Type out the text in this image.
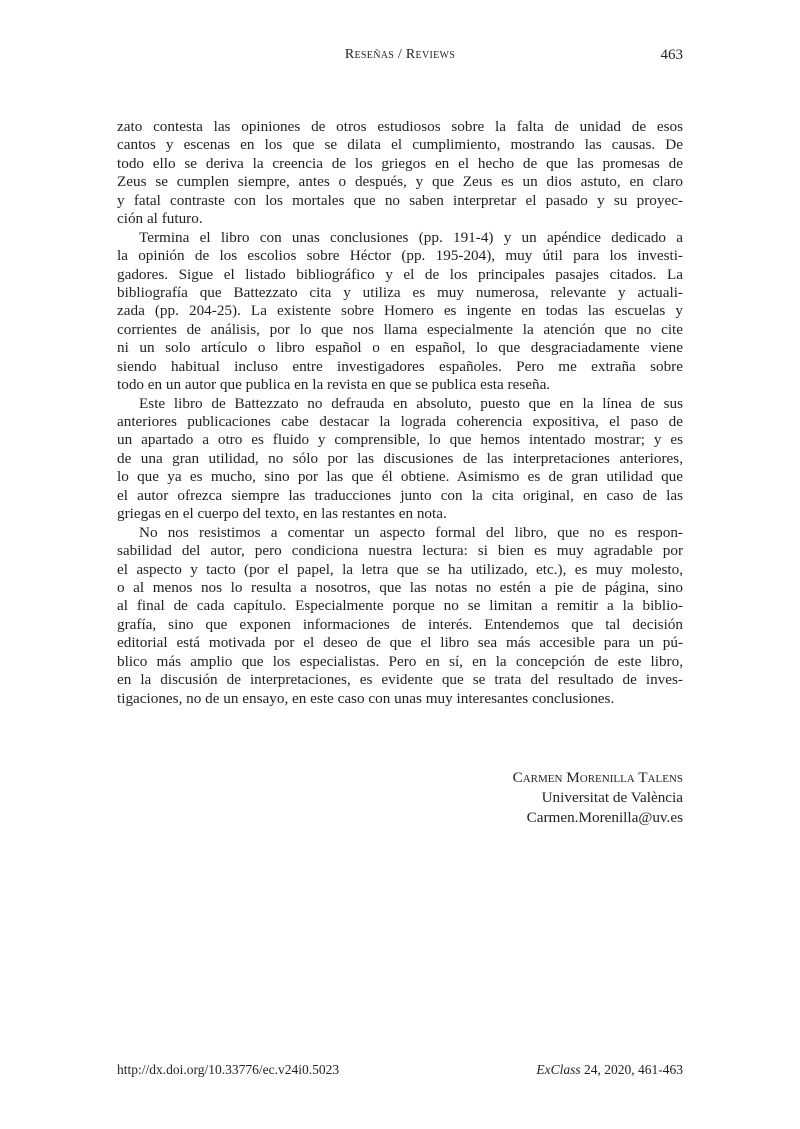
Reseñas / Reviews	463
zato contesta las opiniones de otros estudiosos sobre la falta de unidad de esos
cantos y escenas en los que se dilata el cumplimiento, mostrando las causas. De
todo ello se deriva la creencia de los griegos en el hecho de que las promesas de
Zeus se cumplen siempre, antes o después, y que Zeus es un dios astuto, en claro
y fatal contraste con los mortales que no saben interpretar el pasado y su proyec-
ción al futuro.
Termina el libro con unas conclusiones (pp. 191-4) y un apéndice dedicado a
la opinión de los escolios sobre Héctor (pp. 195-204), muy útil para los investi-
gadores. Sigue el listado bibliográfico y el de los principales pasajes citados. La
bibliografía que Battezzato cita y utiliza es muy numerosa, relevante y actuali-
zada (pp. 204-25). La existente sobre Homero es ingente en todas las escuelas y
corrientes de análisis, por lo que nos llama especialmente la atención que no cite
ni un solo artículo o libro español o en español, lo que desgraciadamente viene
siendo habitual incluso entre investigadores españoles. Pero me extraña sobre
todo en un autor que publica en la revista en que se publica esta reseña.
Este libro de Battezzato no defrauda en absoluto, puesto que en la línea de sus
anteriores publicaciones cabe destacar la lograda coherencia expositiva, el paso de
un apartado a otro es fluido y comprensible, lo que hemos intentado mostrar; y es
de una gran utilidad, no sólo por las discusiones de las interpretaciones anteriores,
lo que ya es mucho, sino por las que él obtiene. Asimismo es de gran utilidad que
el autor ofrezca siempre las traducciones junto con la cita original, en caso de las
griegas en el cuerpo del texto, en las restantes en nota.
No nos resistimos a comentar un aspecto formal del libro, que no es respon-
sabilidad del autor, pero condiciona nuestra lectura: si bien es muy agradable por
el aspecto y tacto (por el papel, la letra que se ha utilizado, etc.), es muy molesto,
o al menos nos lo resulta a nosotros, que las notas no estén a pie de página, sino
al final de cada capítulo. Especialmente porque no se limitan a remitir a la biblio-
grafía, sino que exponen informaciones de interés. Entendemos que tal decisión
editorial está motivada por el deseo de que el libro sea más accesible para un pú-
blico más amplio que los especialistas. Pero en sí, en la concepción de este libro,
en la discusión de interpretaciones, es evidente que se trata del resultado de inves-
tigaciones, no de un ensayo, en este caso con unas muy interesantes conclusiones.
Carmen Morenilla Talens
Universitat de València
Carmen.Morenilla@uv.es
http://dx.doi.org/10.33776/ec.v24i0.5023	ExClass 24, 2020, 461-463
